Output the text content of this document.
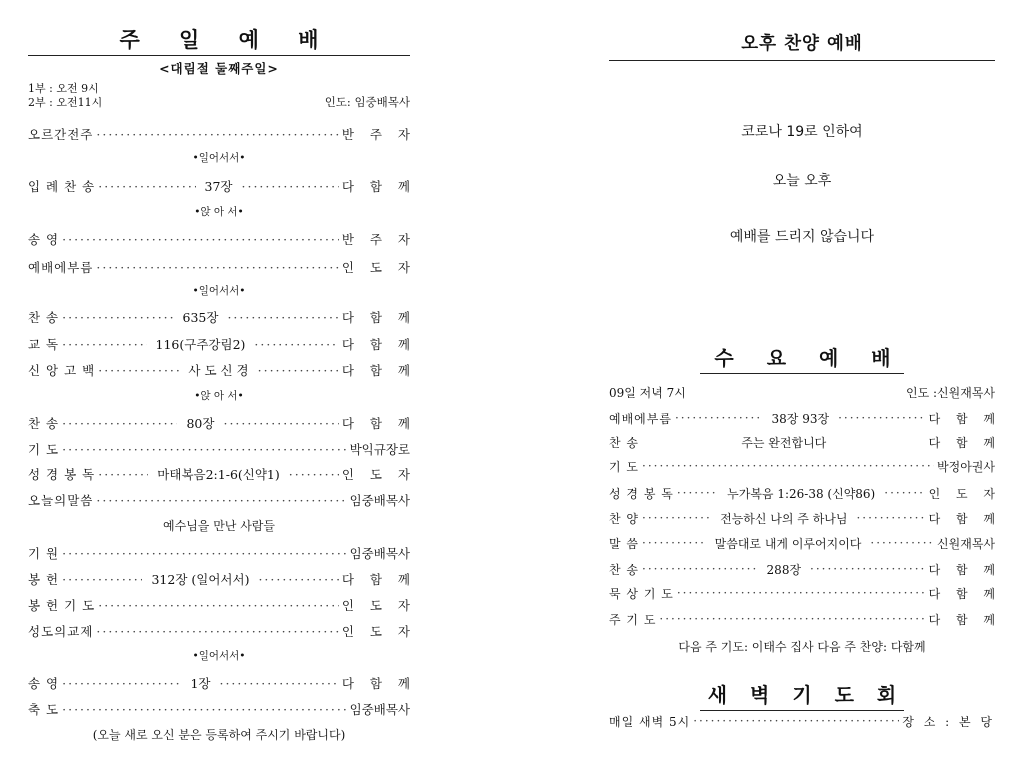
주 일 예 배
<대림절 둘째주일>
1부 : 오전 9시
2부 : 오전11시	인도: 임중배목사
오르간전주 ·····	반 주 자
•일어서서•
입 례 찬 송 ·····	37장 ·····	다 함 께
•앉 아 서•
송 영 ·····	반 주 자
예배에부름 ·····	인 도 자
•일어서서•
찬 송 ·····	635장 ·····	다 함 께
교 독 ·····	116(구주강림2) ·····	다 함 께
신 앙 고 백 ·····	사 도 신 경 ·····	다 함 께
•앉 아 서•
찬 송 ·····	80장 ·····	다 함 께
기 도 ·····	박익규장로
성 경 봉 독 ·····	마태복음2:1-6(신약1) ·····	인 도 자
오늘의말씀 ·····	임중배목사
예수님을 만난 사람들
기 원 ·····	임중배목사
봉 헌 ·····	312장 (일어서서) ·····	다 함 께
봉 헌 기 도 ·····	인 도 자
성도의교제 ·····	인 도 자
•일어서서•
송 영 ·····	1장 ·····	다 함 께
축 도 ·····	임중배목사
(오늘 새로 오신 분은 등록하여 주시기 바랍니다)
오후 찬양 예배
코로나 19로 인하여
오늘 오후
예배를 드리지 않습니다
수 요 예 배
09일 저녁 7시	인도 :신원재목사
예배에부름 ·····	38장 93장 ·····	다 함 께
찬 송	주는 완전합니다	다 함 께
기 도 ·····	박정아권사
성 경 봉 독 ·····	누가복음 1:26-38 (신약86) ·····	인 도 자
찬 양 ·····	전능하신 나의 주 하나님 ·····	다 함 께
말 씀 ·····	말씀대로 내게 이루어지이다 ·····	신원재목사
찬 송 ·····	288장 ·····	다 함 께
묵 상 기 도 ·····	다 함 께
주 기 도 ·····	다 함 께
다음 주 기도: 이태수 집사 다음 주 찬양: 다함께
새 벽 기 도 회
매일 새벽 5시 ·····	장 소 : 본 당
